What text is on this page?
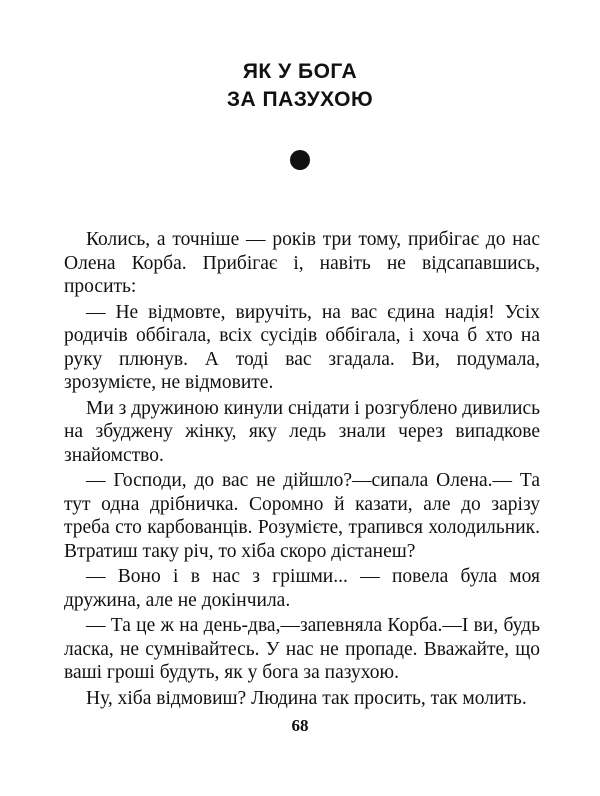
ЯК У БОГА
ЗА ПАЗУХОЮ

Колись, а точніше — років три тому, прибігає до нас Олена Корба. Прибігає і, навіть не відсапавшись, просить:

— Не відмовте, виручіть, на вас єдина надія! Усіх родичів оббігала, всіх сусідів оббігала, і хоча б хто на руку плюнув. А тоді вас згадала. Ви, подумала, зрозумієте, не відмовите.

Ми з дружиною кинули снідати і розгублено дивились на збуджену жінку, яку ледь знали через випадкове знайомство.

— Господи, до вас не дійшло?—сипала Олена.— Та тут одна дрібничка. Соромно й казати, але до зарізу треба сто карбованців. Розумієте, трапився холодильник. Втратиш таку річ, то хіба скоро дістанеш?

— Воно і в нас з грішми... — повела була моя дружина, але не докінчила.

— Та це ж на день-два,—запевняла Корба.—І ви, будь ласка, не сумнівайтесь. У нас не пропаде. Вважайте, що ваші гроші будуть, як у бога за пазухою.

Ну, хіба відмовиш? Людина так просить, так молить.

68
